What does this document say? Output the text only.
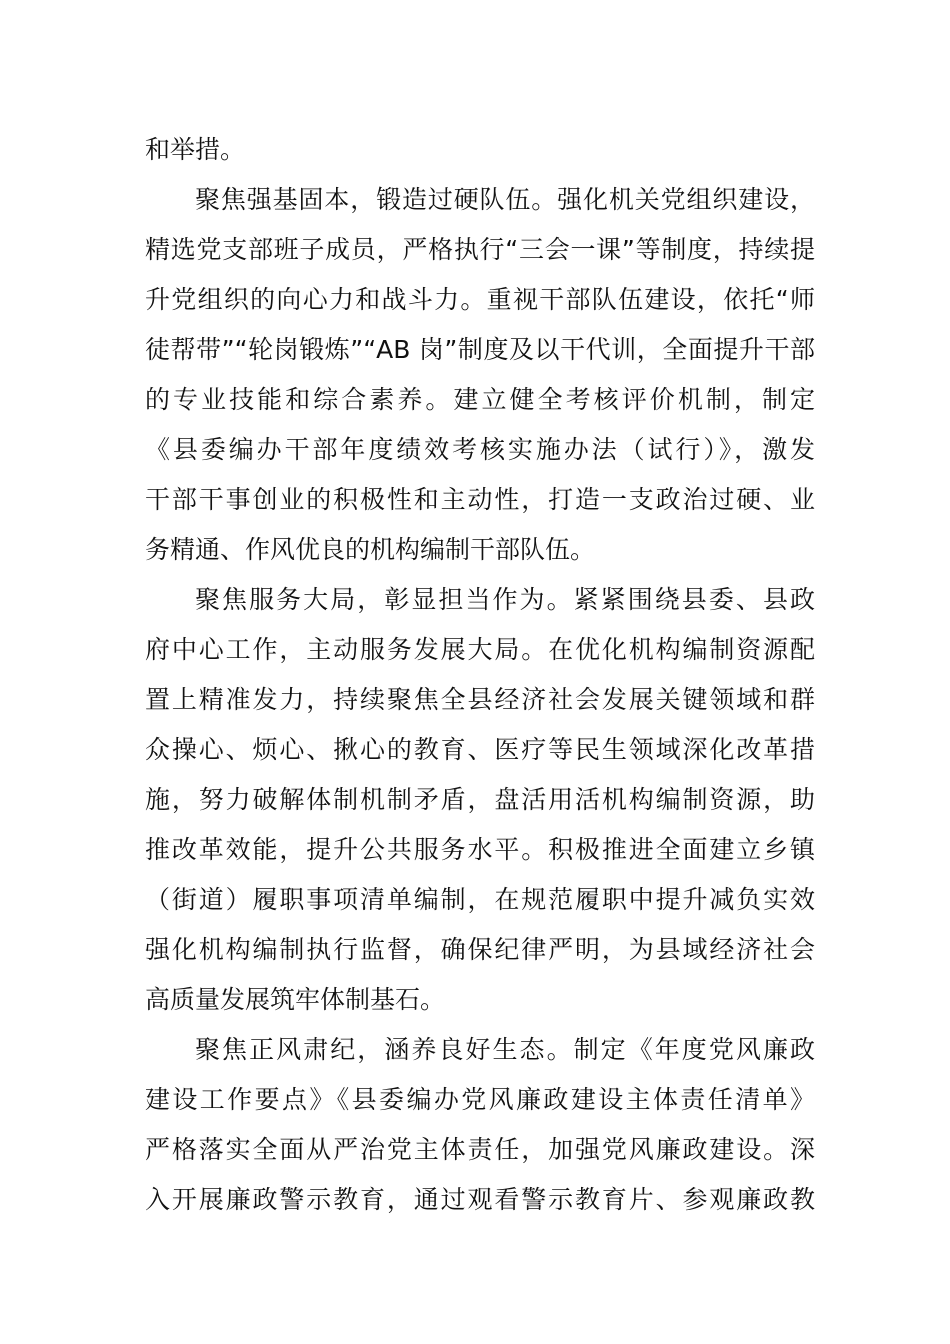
和举措。
聚焦强基固本，锻造过硬队伍。强化机关党组织建设，
精选党支部班子成员，严格执行“三会一课”等制度，持续提
升党组织的向心力和战斗力。重视干部队伍建设，依托“师
徒帮带”“轮岗锻炼”“AB 岗”制度及以干代训，全面提升干部
的专业技能和综合素养。建立健全考核评价机制，制定
《县委编办干部年度绩效考核实施办法（试行）》，激发
干部干事创业的积极性和主动性，打造一支政治过硬、业
务精通、作风优良的机构编制干部队伍。
聚焦服务大局，彰显担当作为。紧紧围绕县委、县政
府中心工作，主动服务发展大局。在优化机构编制资源配
置上精准发力，持续聚焦全县经济社会发展关键领域和群
众操心、烦心、揪心的教育、医疗等民生领域深化改革措
施，努力破解体制机制矛盾，盘活用活机构编制资源，助
推改革效能，提升公共服务水平。积极推进全面建立乡镇
（街道）履职事项清单编制，在规范履职中提升减负实效
强化机构编制执行监督，确保纪律严明，为县域经济社会
高质量发展筑牢体制基石。
聚焦正风肃纪，涵养良好生态。制定《年度党风廉政
建设工作要点》《县委编办党风廉政建设主体责任清单》
严格落实全面从严治党主体责任，加强党风廉政建设。深
入开展廉政警示教育，通过观看警示教育片、参观廉政教
